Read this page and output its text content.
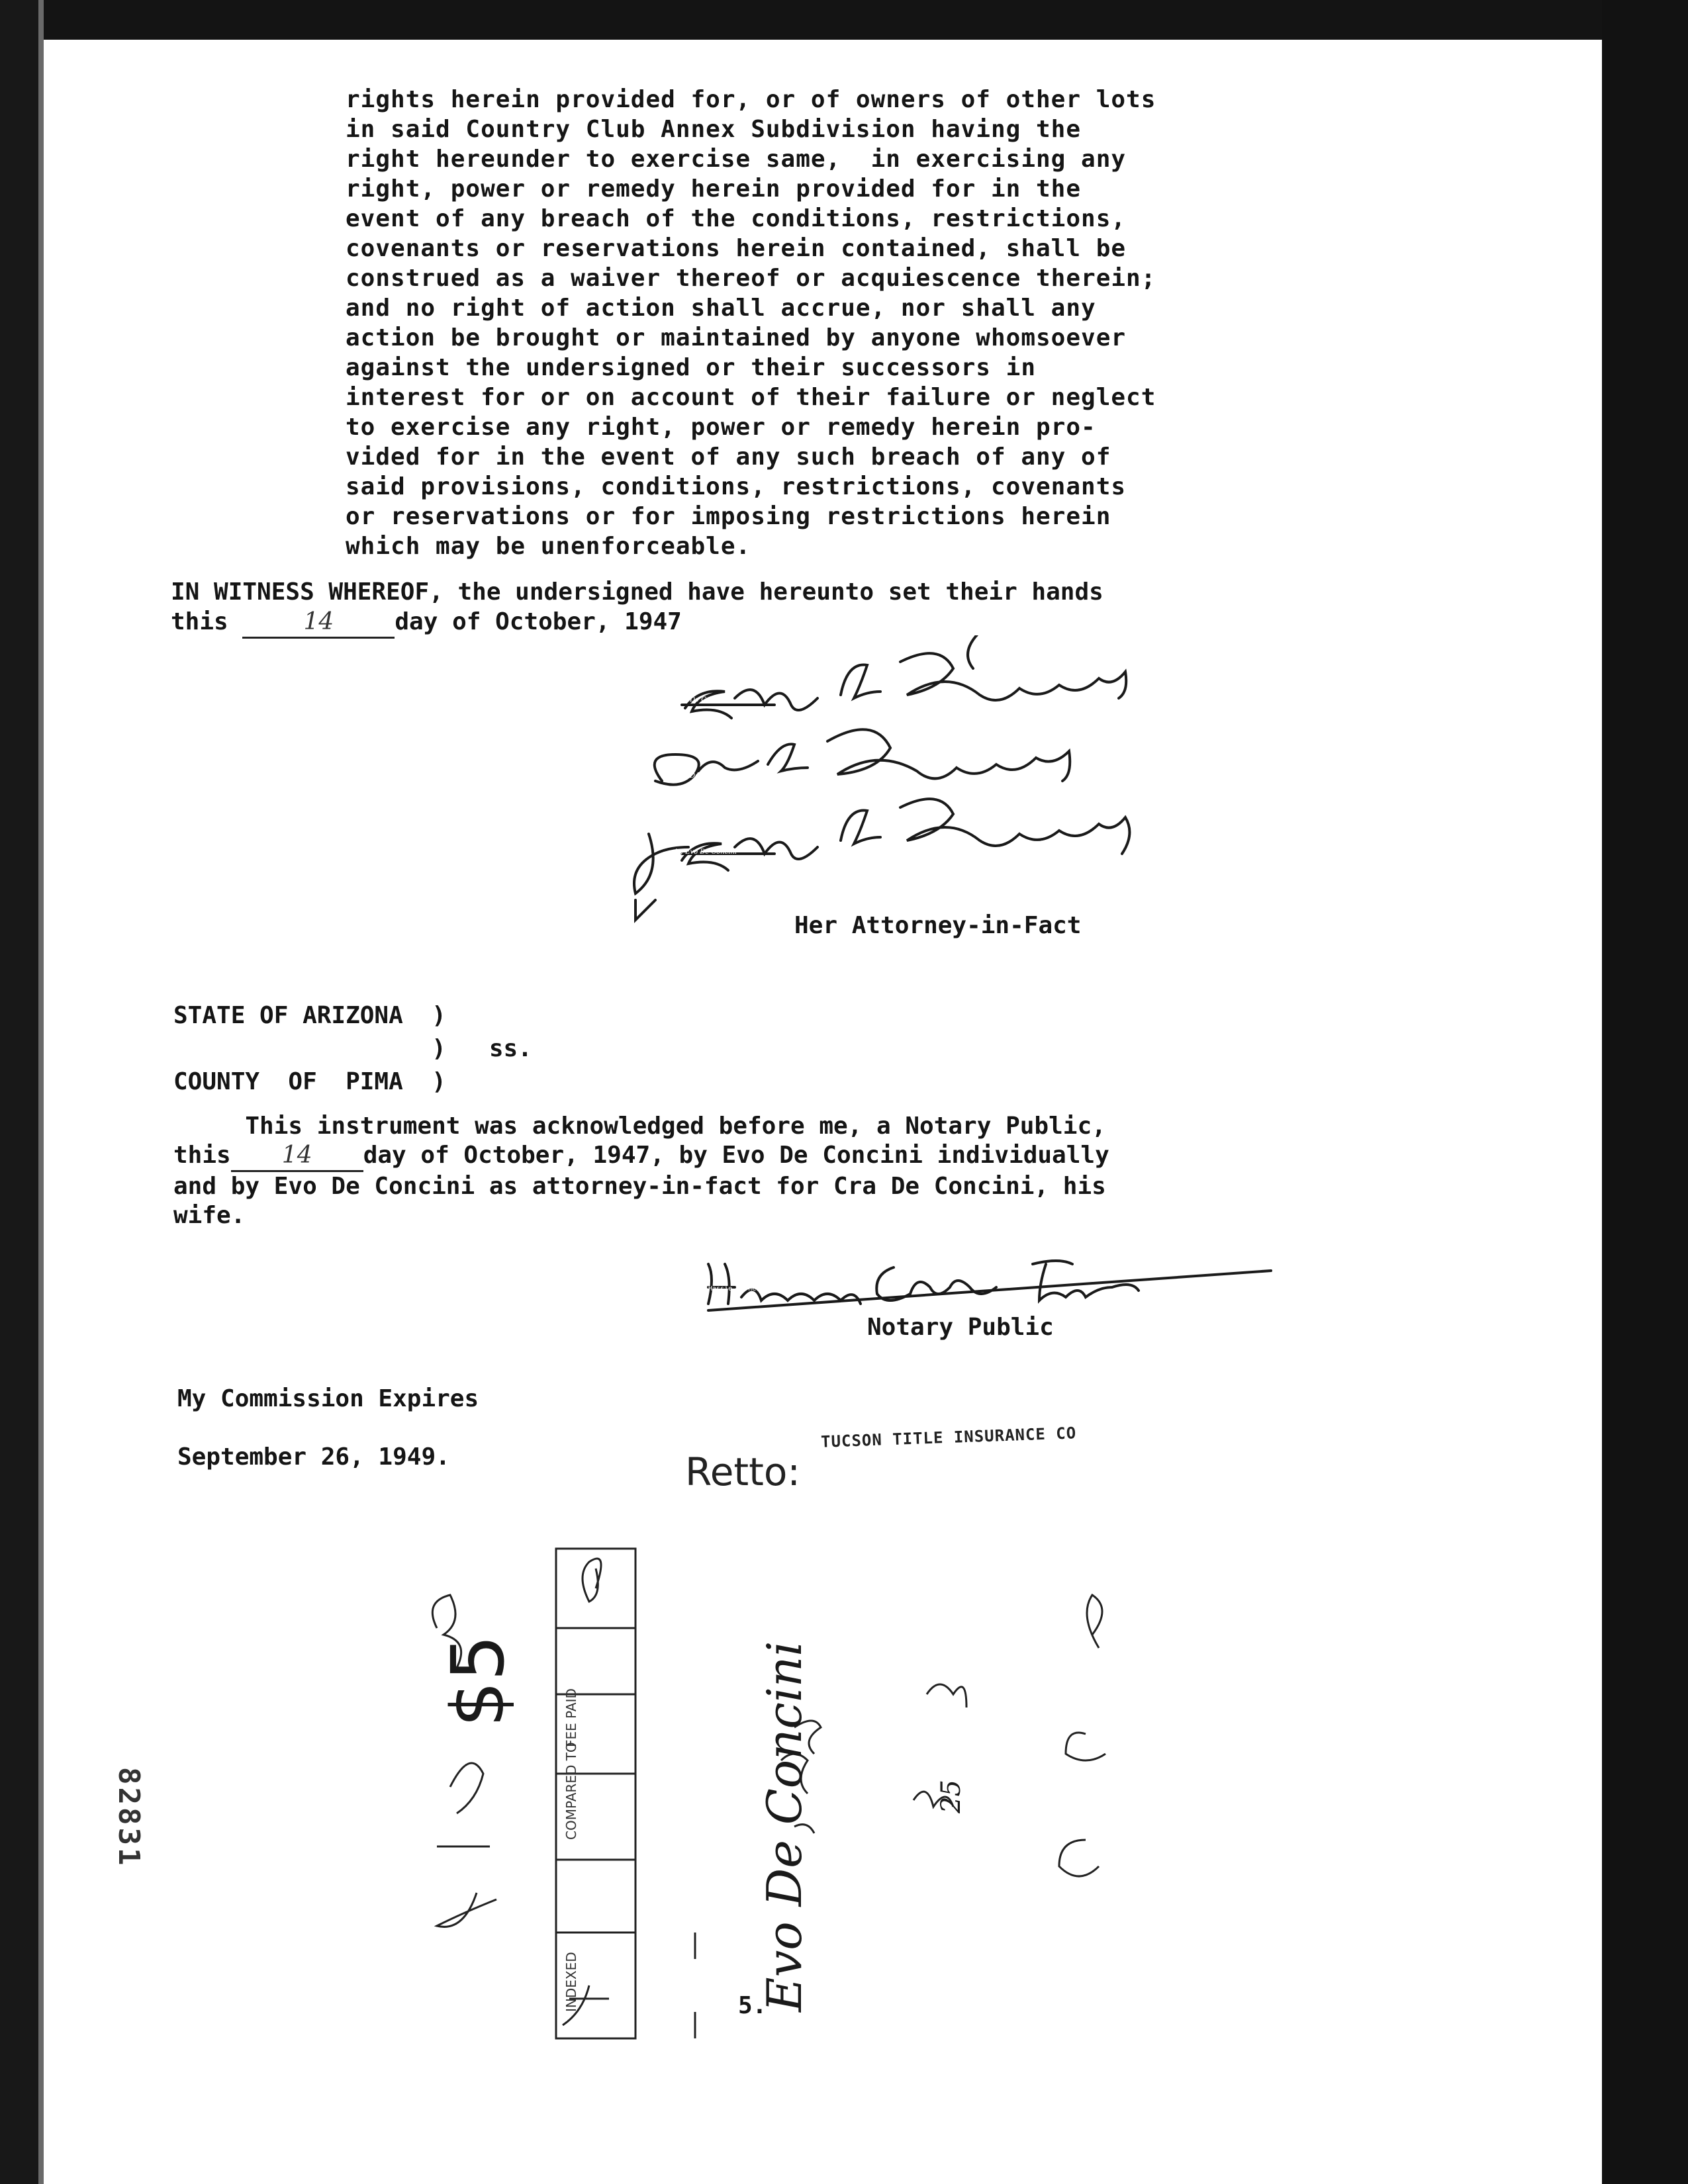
rights herein provided for, or of owners of other lots
in said Country Club Annex Subdivision having the
right hereunder to exercise same,  in exercising any
right, power or remedy herein provided for in the
event of any breach of the conditions, restrictions,
covenants or reservations herein contained, shall be
construed as a waiver thereof or acquiescence therein;
and no right of action shall accrue, nor shall any
action be brought or maintained by anyone whomsoever
against the undersigned or their successors in
interest for or on account of their failure or neglect
to exercise any right, power or remedy herein pro-
vided for in the event of any such breach of any of
said provisions, conditions, restrictions, covenants
or reservations or for imposing restrictions herein
which may be unenforceable.
IN WITNESS WHEREOF, the undersigned have hereunto set their hands
this	14	day of October, 1947
Evo De Concini
Ora De Concini
by Evo De Concini
Her Attorney-in-Fact
STATE OF ARIZONA  )
)   ss.
COUNTY  OF  PIMA  )
This instrument was acknowledged before me, a Notary Public,
this 14 day of October, 1947, by Evo De Concini individually
and by Evo De Concini as attorney-in-fact for Cra De Concini, his
wife.
Hassie Carne Fuller
Notary Public
My Commission Expires
September 26, 1949.	Retto:
TUCSON TITLE INSURANCE CO
INDEXED
COMPARED TO
FEE PAID
$5	Evo De Concini	25
5.
82831
